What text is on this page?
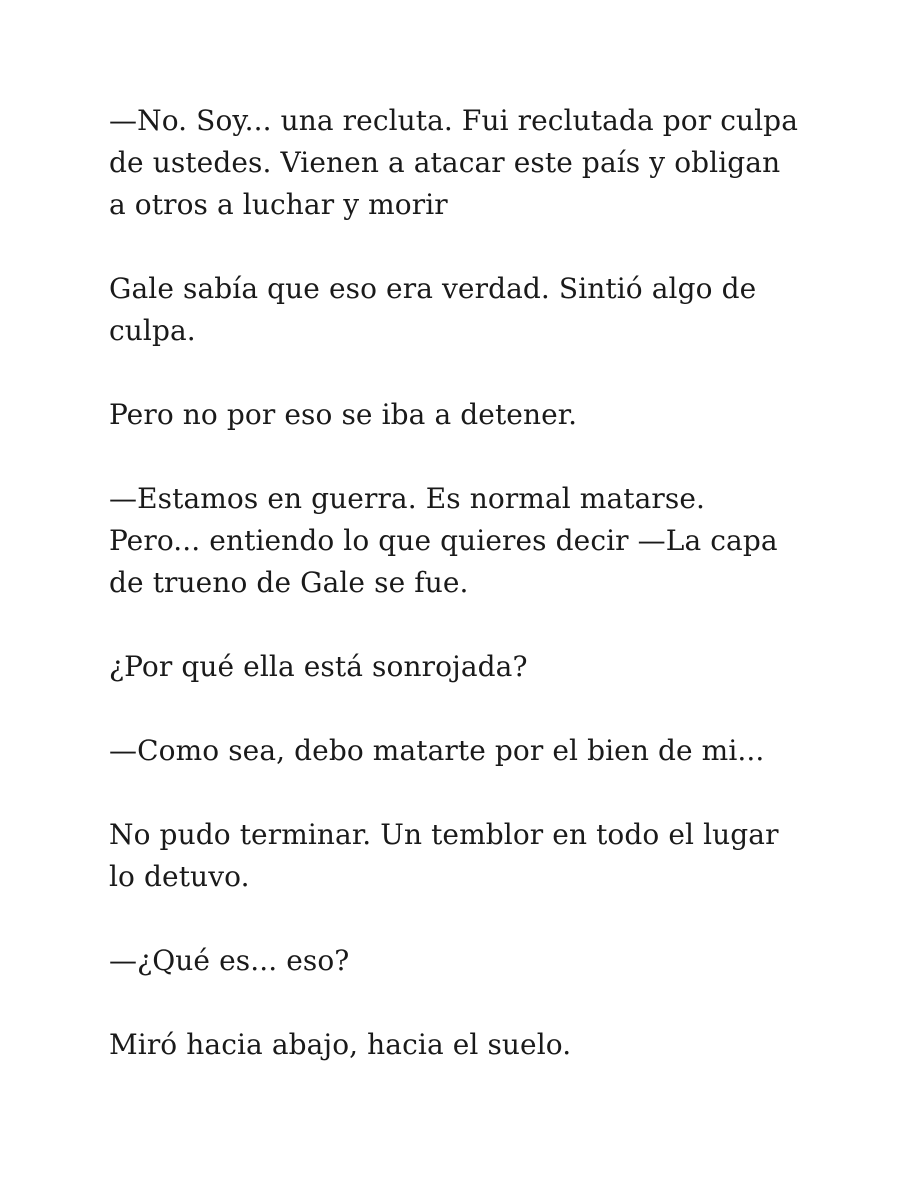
—No. Soy... una recluta. Fui reclutada por culpa de ustedes. Vienen a atacar este país y obligan a otros a luchar y morir

Gale sabía que eso era verdad. Sintió algo de culpa.

Pero no por eso se iba a detener.

—Estamos en guerra. Es normal matarse. Pero... entiendo lo que quieres decir —La capa de trueno de Gale se fue.

¿Por qué ella está sonrojada?

—Como sea, debo matarte por el bien de mi...

No pudo terminar. Un temblor en todo el lugar lo detuvo.

—¿Qué es... eso?

Miró hacia abajo, hacia el suelo.
